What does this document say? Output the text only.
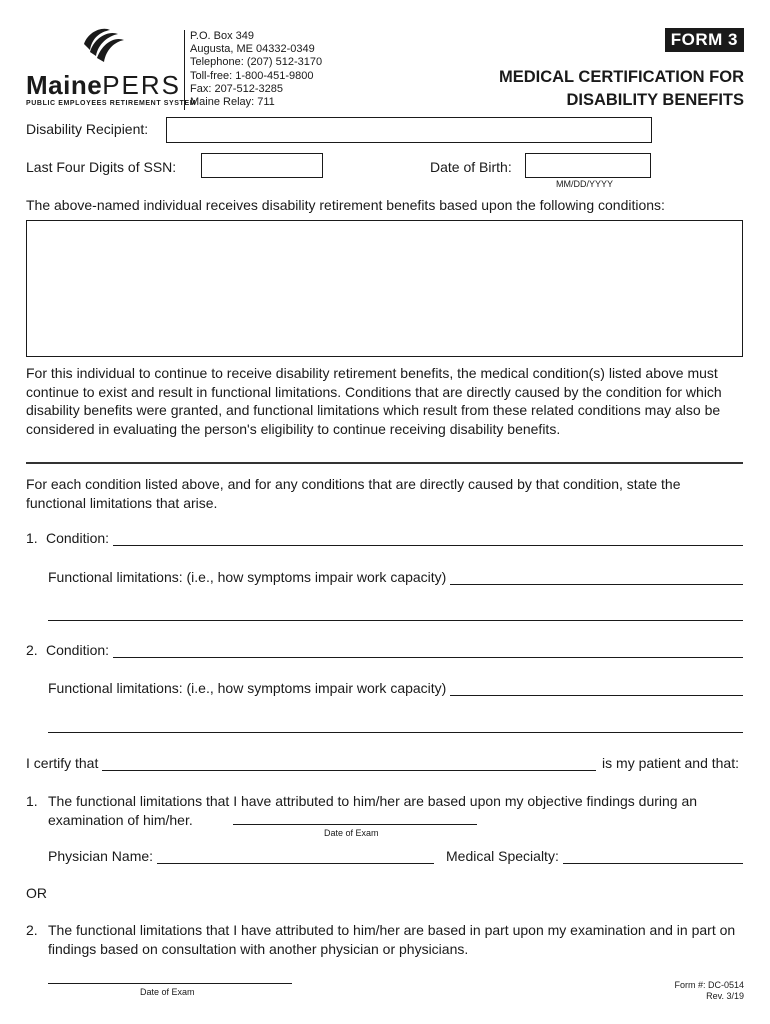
MainePERS
PUBLIC EMPLOYEES RETIREMENT SYSTEM
P.O. Box 349
Augusta, ME 04332-0349
Telephone: (207) 512-3170
Toll-free: 1-800-451-9800
Fax: 207-512-3285
Maine Relay: 711
FORM 3
MEDICAL CERTIFICATION FOR
DISABILITY BENEFITS
Disability Recipient:
Last Four Digits of SSN:	Date of Birth:
MM/DD/YYYY
The above-named individual receives disability retirement benefits based upon the following conditions:
For this individual to continue to receive disability retirement benefits, the medical condition(s) listed above must continue to exist and result in functional limitations. Conditions that are directly caused by the condition for which disability benefits were granted, and functional limitations which result from these related conditions may also be considered in evaluating the person's eligibility to continue receiving disability benefits.
For each condition listed above, and for any conditions that are directly caused by that condition, state the functional limitations that arise.
1. Condition:
Functional limitations: (i.e., how symptoms impair work capacity)
2. Condition:
Functional limitations: (i.e., how symptoms impair work capacity)
I certify that	is my patient and that:
1. The functional limitations that I have attributed to him/her are based upon my objective findings during an examination of him/her.
Date of Exam
Physician Name:	Medical Specialty:
OR
2. The functional limitations that I have attributed to him/her are based in part upon my examination and in part on findings based on consultation with another physician or physicians.
Date of Exam
Form #: DC-0514
Rev. 3/19
